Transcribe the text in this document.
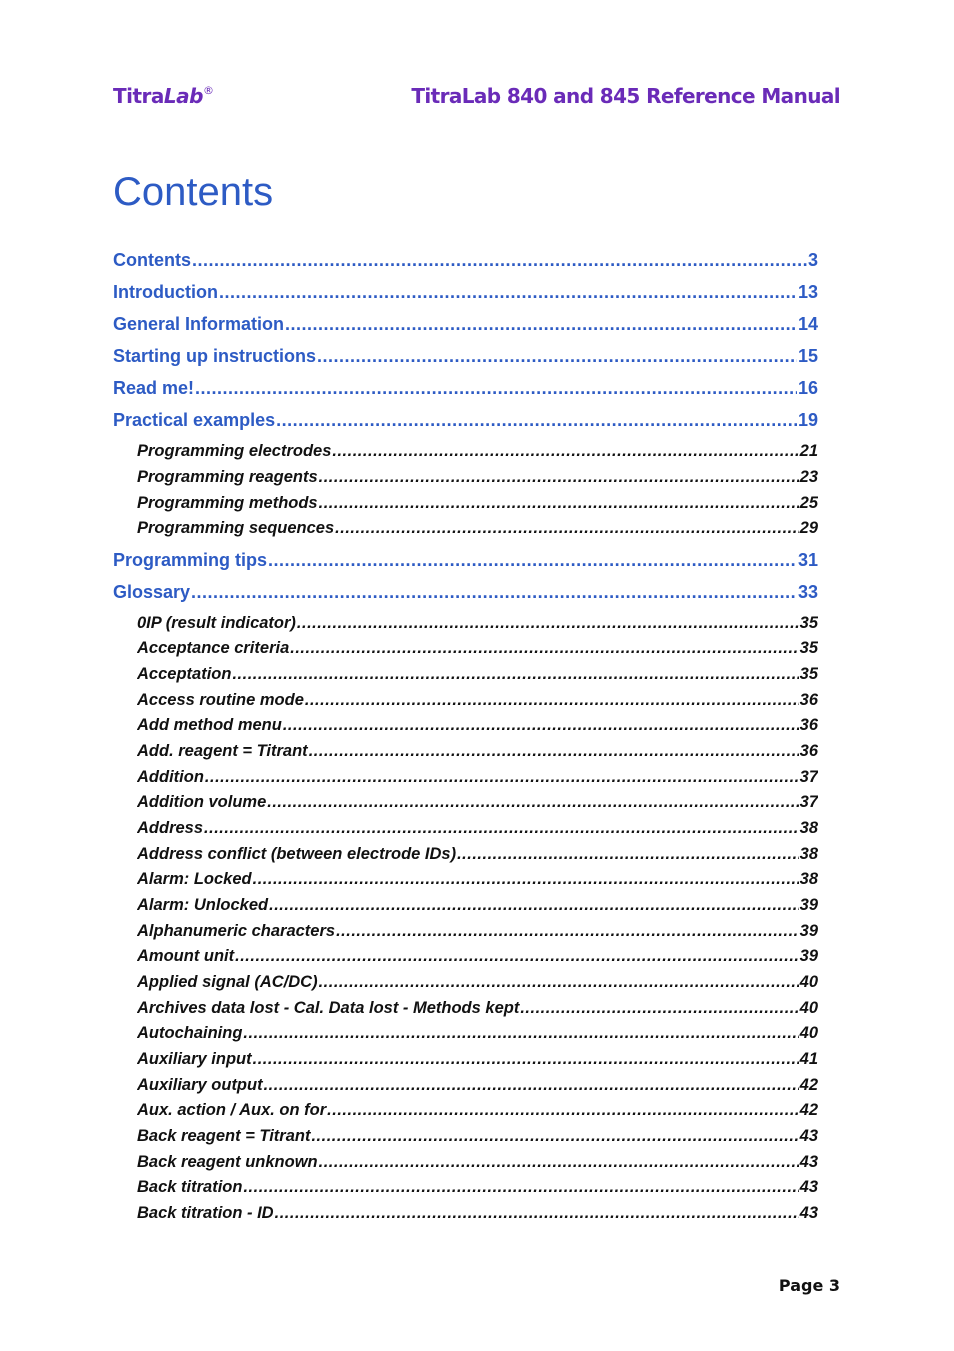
TitraLab®	TitraLab 840 and 845 Reference Manual
Contents
Contents .....	3
Introduction .....	13
General Information .....	14
Starting up instructions .....	15
Read me! .....	16
Practical examples .....	19
Programming electrodes .....	21
Programming reagents .....	23
Programming methods .....	25
Programming sequences .....	29
Programming tips .....	31
Glossary .....	33
0IP (result indicator) .....	35
Acceptance criteria .....	35
Acceptation .....	35
Access routine mode .....	36
Add method menu .....	36
Add. reagent = Titrant .....	36
Addition .....	37
Addition volume .....	37
Address .....	38
Address conflict (between electrode IDs) .....	38
Alarm: Locked .....	38
Alarm: Unlocked .....	39
Alphanumeric characters .....	39
Amount unit .....	39
Applied signal (AC/DC) .....	40
Archives data lost - Cal. Data lost - Methods kept .....	40
Autochaining .....	40
Auxiliary input .....	41
Auxiliary output .....	42
Aux. action / Aux. on for .....	42
Back reagent = Titrant .....	43
Back reagent unknown .....	43
Back titration .....	43
Back titration - ID .....	43
Page 3
